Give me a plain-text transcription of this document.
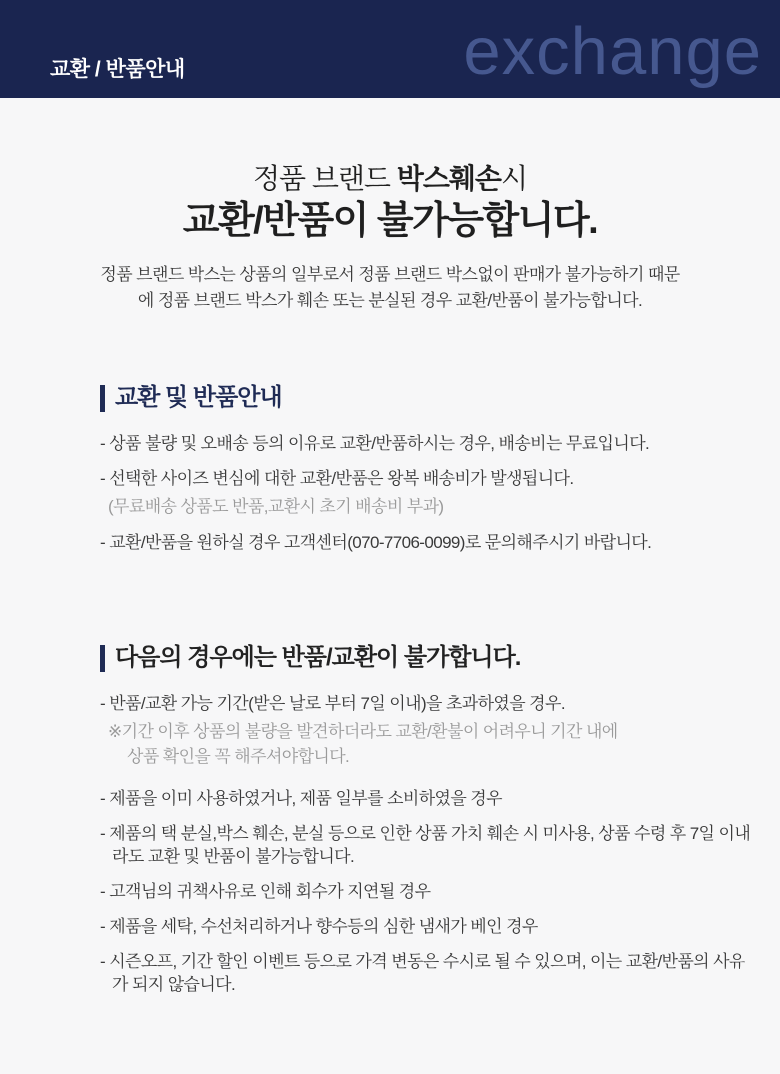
교환 / 반품안내	exchange
정품 브랜드 박스훼손시
교환/반품이 불가능합니다.
정품 브랜드 박스는 상품의 일부로서 정품 브랜드 박스없이 판매가 불가능하기 때문에 정품 브랜드 박스가 훼손 또는 분실된 경우 교환/반품이 불가능합니다.
교환 및 반품안내
- 상품 불량 및 오배송 등의 이유로 교환/반품하시는 경우, 배송비는 무료입니다.
- 선택한 사이즈 변심에 대한 교환/반품은 왕복 배송비가 발생됩니다.
(무료배송 상품도 반품,교환시 초기 배송비 부과)
- 교환/반품을 원하실 경우 고객센터(070-7706-0099)로 문의해주시기 바랍니다.
다음의 경우에는 반품/교환이 불가합니다.
- 반품/교환 가능 기간(받은 날로 부터 7일 이내)을 초과하였을 경우.
※기간 이후 상품의 불량을 발견하더라도 교환/환불이 어려우니 기간 내에
상품 확인을 꼭 해주셔야합니다.
- 제품을 이미 사용하였거나, 제품 일부를 소비하였을 경우
- 제품의 택 분실,박스 훼손, 분실 등으로 인한 상품 가치 훼손 시 미사용, 상품 수령 후 7일 이내라도 교환 및 반품이 불가능합니다.
- 고객님의 귀책사유로 인해 회수가 지연될 경우
- 제품을 세탁, 수선처리하거나 향수등의 심한 냄새가 베인 경우
- 시즌오프, 기간 할인 이벤트 등으로 가격 변동은 수시로 될 수 있으며, 이는 교환/반품의 사유가 되지 않습니다.
